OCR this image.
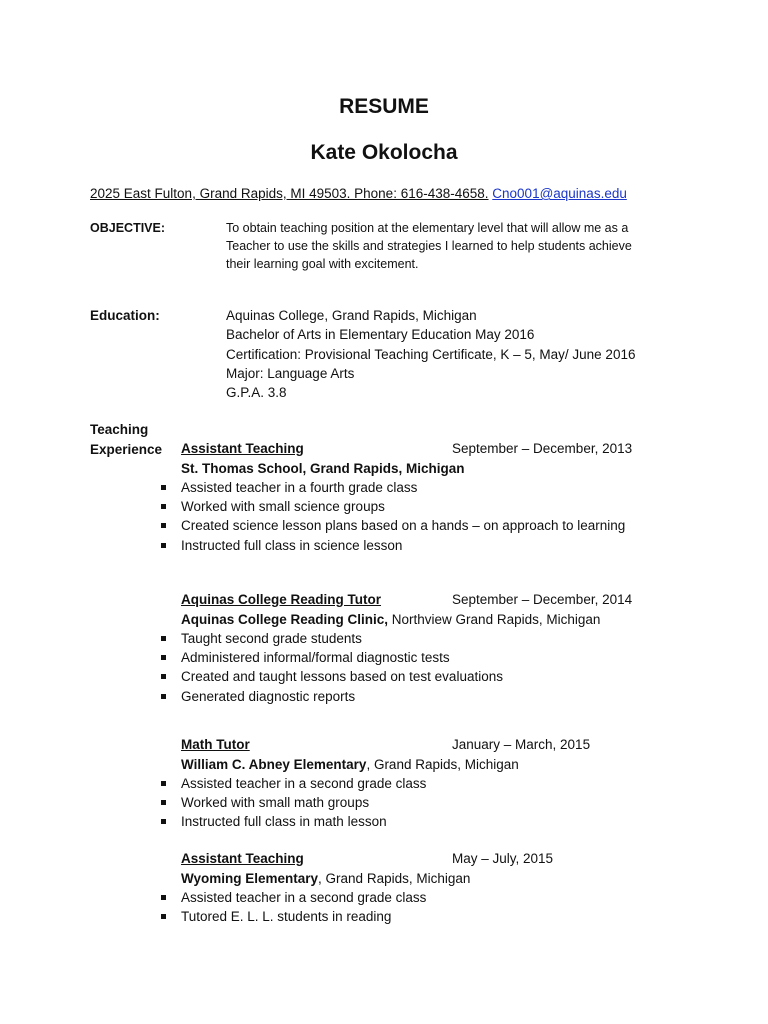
RESUME
Kate Okolocha
2025 East Fulton, Grand Rapids, MI 49503. Phone: 616-438-4658. Cno001@aquinas.edu
OBJECTIVE:	To obtain teaching position at the elementary level that will allow me as a Teacher to use the skills and strategies I learned to help students achieve their learning goal with excitement.
Education:	Aquinas College, Grand Rapids, Michigan
Bachelor of Arts in Elementary Education May 2016
Certification: Provisional Teaching Certificate, K – 5, May/ June 2016
Major: Language Arts
G.P.A. 3.8
Teaching
Experience Assistant Teaching	September – December, 2013
St. Thomas School, Grand Rapids, Michigan
Assisted teacher in a fourth grade class
Worked with small science groups
Created science lesson plans based on a hands – on approach to learning
Instructed full class in science lesson
Aquinas College Reading Tutor	September – December, 2014
Aquinas College Reading Clinic, Northview Grand Rapids, Michigan
Taught second grade students
Administered informal/formal diagnostic tests
Created and taught lessons based on test evaluations
Generated diagnostic reports
Math Tutor	January – March, 2015
William C. Abney Elementary, Grand Rapids, Michigan
Assisted teacher in a second grade class
Worked with small math groups
Instructed full class in math lesson
Assistant Teaching	May – July, 2015
Wyoming Elementary, Grand Rapids, Michigan
Assisted teacher in a second grade class
Tutored E. L. L. students in reading
